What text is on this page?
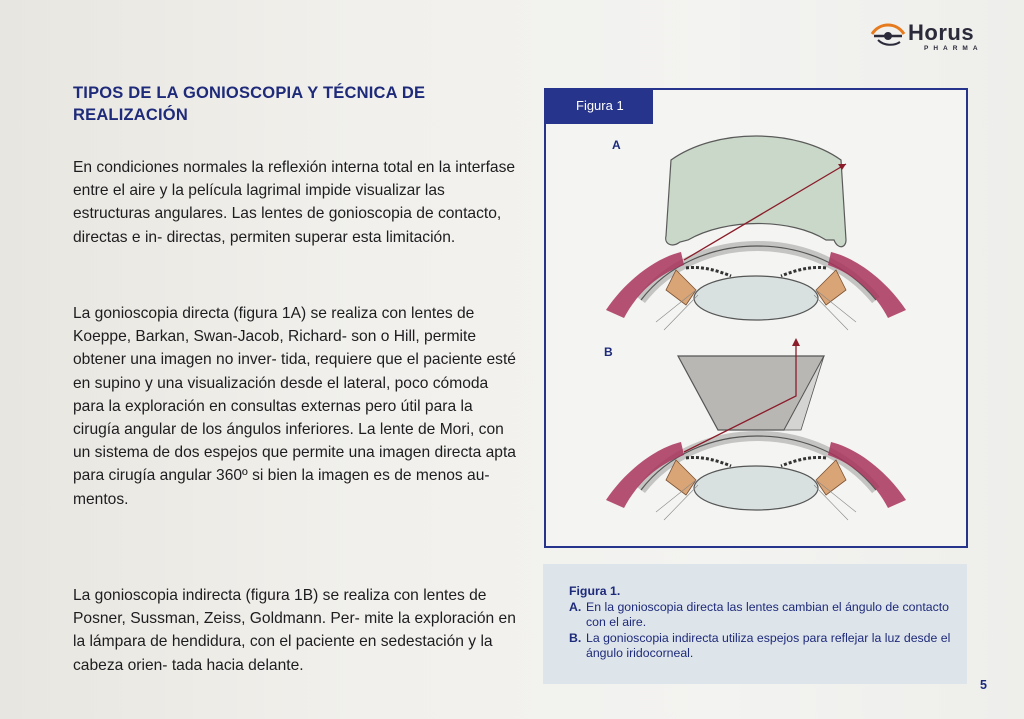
Horus
PHARMA
TIPOS DE LA GONIOSCOPIA Y TÉCNICA DE REALIZACIÓN

En condiciones normales la reflexión interna total en la interfase entre el aire y la película lagrimal impide visualizar las estructuras angulares. Las lentes de gonioscopia de contacto, directas e in- directas, permiten superar esta limitación.

La gonioscopia directa (figura 1A) se realiza con lentes de Koeppe, Barkan, Swan-Jacob, Richard- son o Hill, permite obtener una imagen no inver- tida, requiere que el paciente esté en supino y una visualización desde el lateral, poco cómoda para la exploración en consultas externas pero útil para la cirugía angular de los ángulos inferiores. La lente de Mori, con un sistema de dos espejos que permite una imagen directa apta para cirugía angular 360º si bien la imagen es de menos au- mentos.

La gonioscopia indirecta (figura 1B) se realiza con lentes de Posner, Sussman, Zeiss, Goldmann. Per- mite la exploración en la lámpara de hendidura, con el paciente en sedestación y la cabeza orien- tada hacia delante.

Figura 1
A
B

Figura 1.

A. En la gonioscopia directa las lentes cambian el ángulo de contacto con el aire.
B. La gonioscopia indirecta utiliza espejos para reflejar la luz desde el ángulo iridocorneal.
5
